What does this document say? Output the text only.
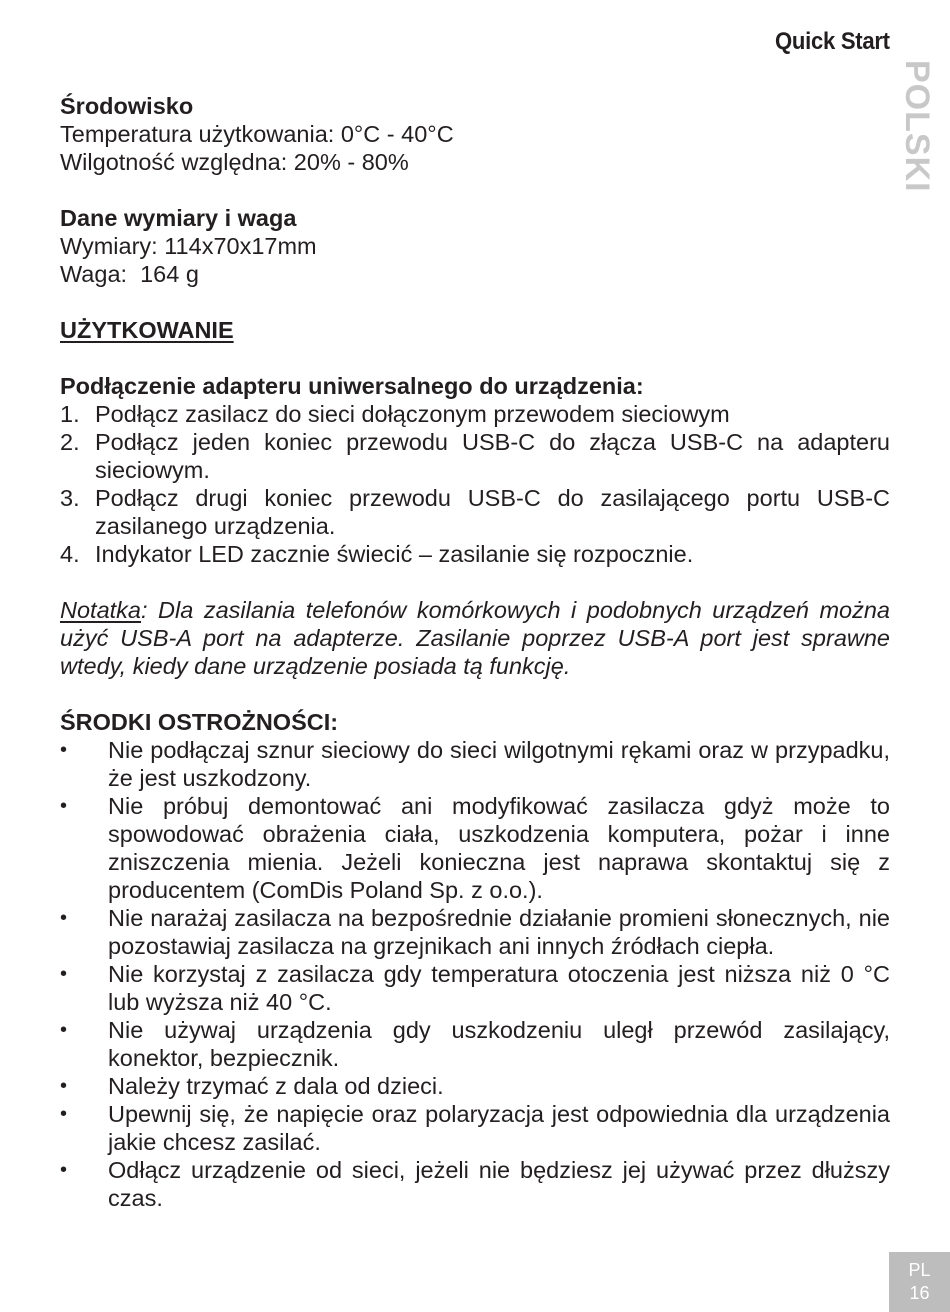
Quick Start
POLSKI

Środowisko

Temperatura użytkowania: 0°C - 40°C

Wilgotność względna: 20% - 80%

Dane wymiary i waga

Wymiary: 114x70x17mm

Waga:  164 g

UŻYTKOWANIE

Podłączenie adapteru uniwersalnego do urządzenia:

1. Podłącz zasilacz do sieci dołączonym przewodem sieciowym
2. Podłącz jeden koniec przewodu USB-C do złącza USB-C na adapteru sieciowym.
3. Podłącz drugi koniec przewodu USB-C do zasilającego portu USB-C zasilanego urządzenia.
4. Indykator LED zacznie świecić – zasilanie się rozpocznie.

Notatka: Dla zasilania telefonów komórkowych i podobnych urządzeń można użyć USB-A port na adapterze. Zasilanie poprzez USB-A port jest sprawne wtedy, kiedy dane urządzenie posiada tą funkcję.

ŚRODKI OSTROŻNOŚCI:

• Nie podłączaj sznur sieciowy do sieci wilgotnymi rękami oraz w przypadku, że jest uszkodzony.
• Nie próbuj demontować ani modyfikować zasilacza gdyż może to spowodować obrażenia ciała, uszkodzenia komputera, pożar i inne zniszczenia mienia. Jeżeli konieczna jest naprawa skontaktuj się z producentem (ComDis Poland Sp. z o.o.).
• Nie narażaj zasilacza na bezpośrednie działanie promieni słonecznych, nie pozostawiaj zasilacza na grzejnikach ani innych źródłach ciepła.
• Nie korzystaj z zasilacza gdy temperatura otoczenia jest niższa niż 0 °C lub wyższa niż 40 °C.
• Nie używaj urządzenia gdy uszkodzeniu uległ przewód zasilający, konektor, bezpiecznik.
• Należy trzymać z dala od dzieci.
• Upewnij się, że napięcie oraz polaryzacja jest odpowiednia dla urządzenia jakie chcesz zasilać.
• Odłącz urządzenie od sieci, jeżeli nie będziesz jej używać przez dłuższy czas.
PL
16
